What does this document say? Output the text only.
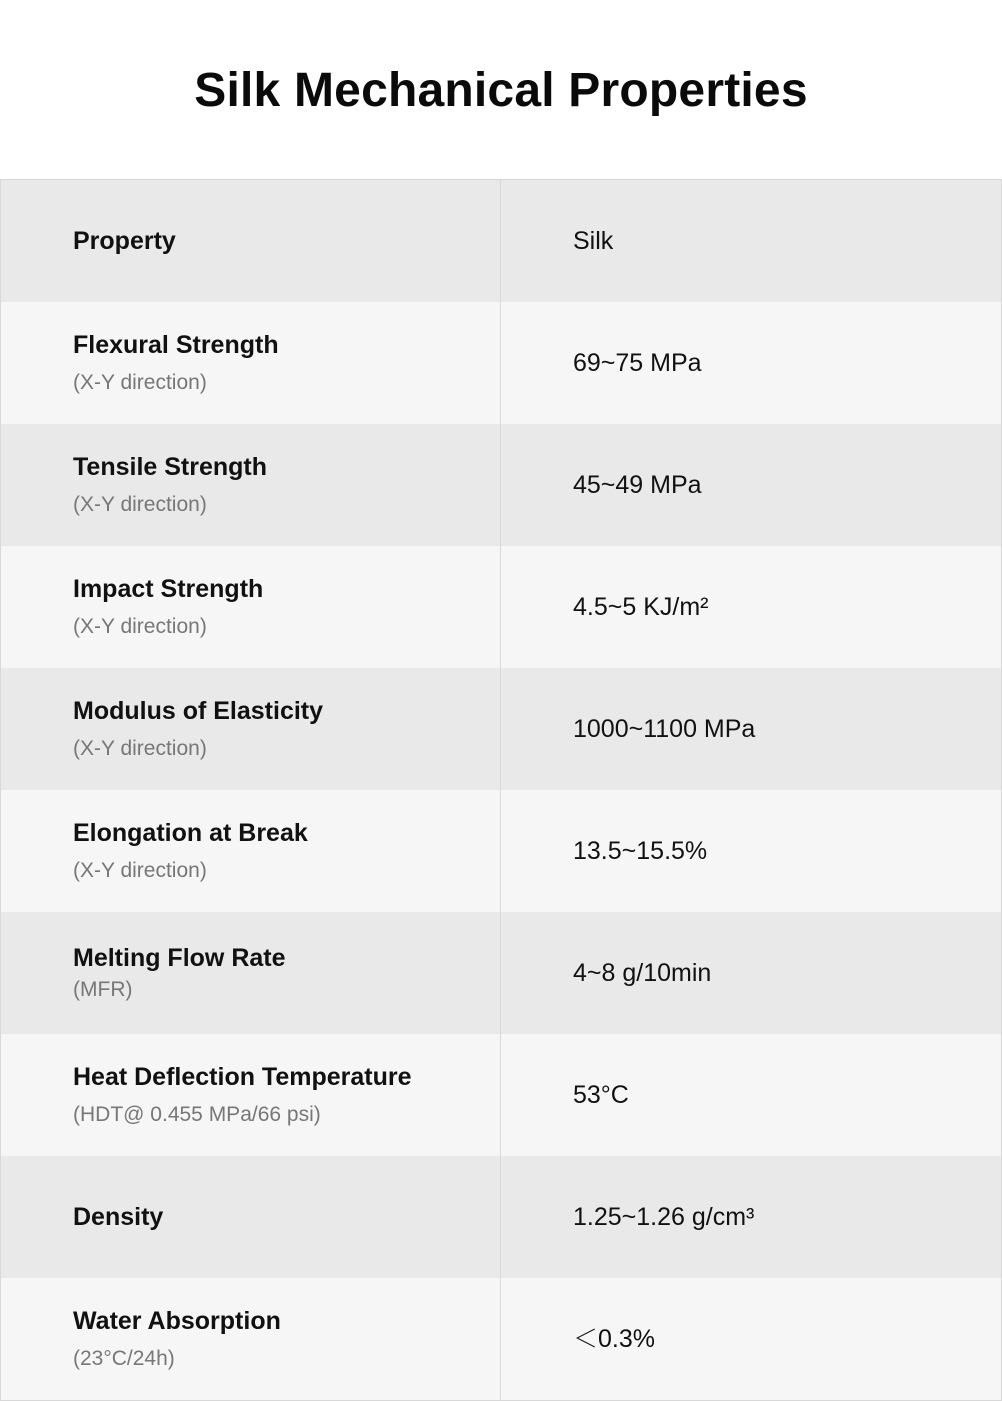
Silk Mechanical Properties
Property	Silk
Flexural Strength
(X-Y direction)
69~75 MPa
Tensile Strength
(X-Y direction)
45~49 MPa
Impact Strength
(X-Y direction)
4.5~5 KJ/m²
Modulus of Elasticity
(X-Y direction)
1000~1100 MPa
Elongation at Break
(X-Y direction)
13.5~15.5%
Melting Flow Rate
(MFR)
4~8 g/10min
Heat Deflection Temperature
(HDT@ 0.455 MPa/66 psi)
53°C
Density	1.25~1.26 g/cm³
Water Absorption
(23°C/24h)
＜0.3%
